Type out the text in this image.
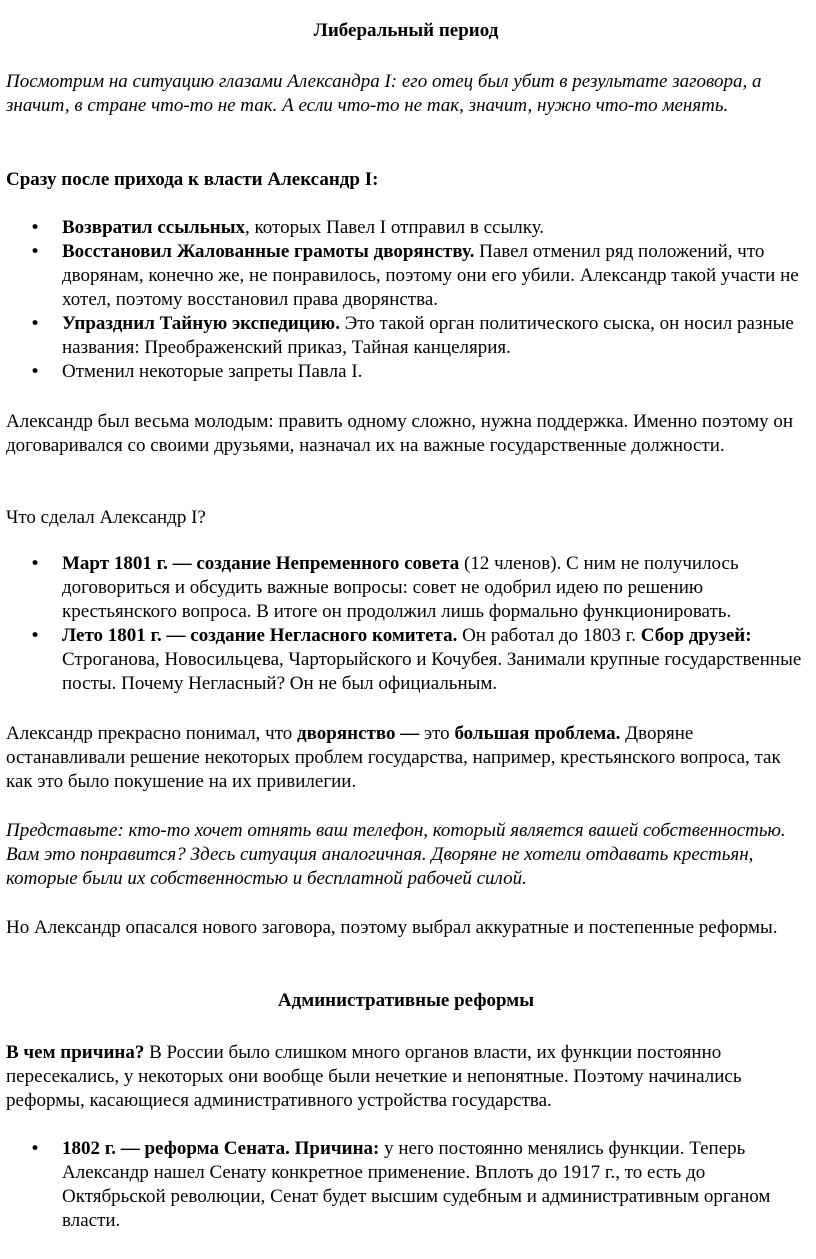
Либеральный период

Посмотрим на ситуацию глазами Александра I: его отец был убит в результате заговора, а значит, в стране что-то не так. А если что-то не так, значит, нужно что-то менять.

Сразу после прихода к власти Александр I:

• Возвратил ссыльных, которых Павел I отправил в ссылку.
• Восстановил Жалованные грамоты дворянству. Павел отменил ряд положений, что дворянам, конечно же, не понравилось, поэтому они его убили. Александр такой участи не хотел, поэтому восстановил права дворянства.
• Упразднил Тайную экспедицию. Это такой орган политического сыска, он носил разные названия: Преображенский приказ, Тайная канцелярия.
• Отменил некоторые запреты Павла I.

Александр был весьма молодым: править одному сложно, нужна поддержка. Именно поэтому он договаривался со своими друзьями, назначал их на важные государственные должности.

Что сделал Александр I?

• Март 1801 г. — создание Непременного совета (12 членов). С ним не получилось договориться и обсудить важные вопросы: совет не одобрил идею по решению крестьянского вопроса. В итоге он продолжил лишь формально функционировать.
• Лето 1801 г. — создание Негласного комитета. Он работал до 1803 г. Сбор друзей: Строганова, Новосильцева, Чарторыйского и Кочубея. Занимали крупные государственные посты. Почему Негласный? Он не был официальным.

Александр прекрасно понимал, что дворянство — это большая проблема. Дворяне останавливали решение некоторых проблем государства, например, крестьянского вопроса, так как это было покушение на их привилегии.

Представьте: кто-то хочет отнять ваш телефон, который является вашей собственностью. Вам это понравится? Здесь ситуация аналогичная. Дворяне не хотели отдавать крестьян, которые были их собственностью и бесплатной рабочей силой.

Но Александр опасался нового заговора, поэтому выбрал аккуратные и постепенные реформы.

Административные реформы

В чем причина? В России было слишком много органов власти, их функции постоянно пересекались, у некоторых они вообще были нечеткие и непонятные. Поэтому начинались реформы, касающиеся административного устройства государства.

• 1802 г. — реформа Сената. Причина: у него постоянно менялись функции. Теперь Александр нашел Сенату конкретное применение. Вплоть до 1917 г., то есть до Октябрьской революции, Сенат будет высшим судебным и административным органом власти.
